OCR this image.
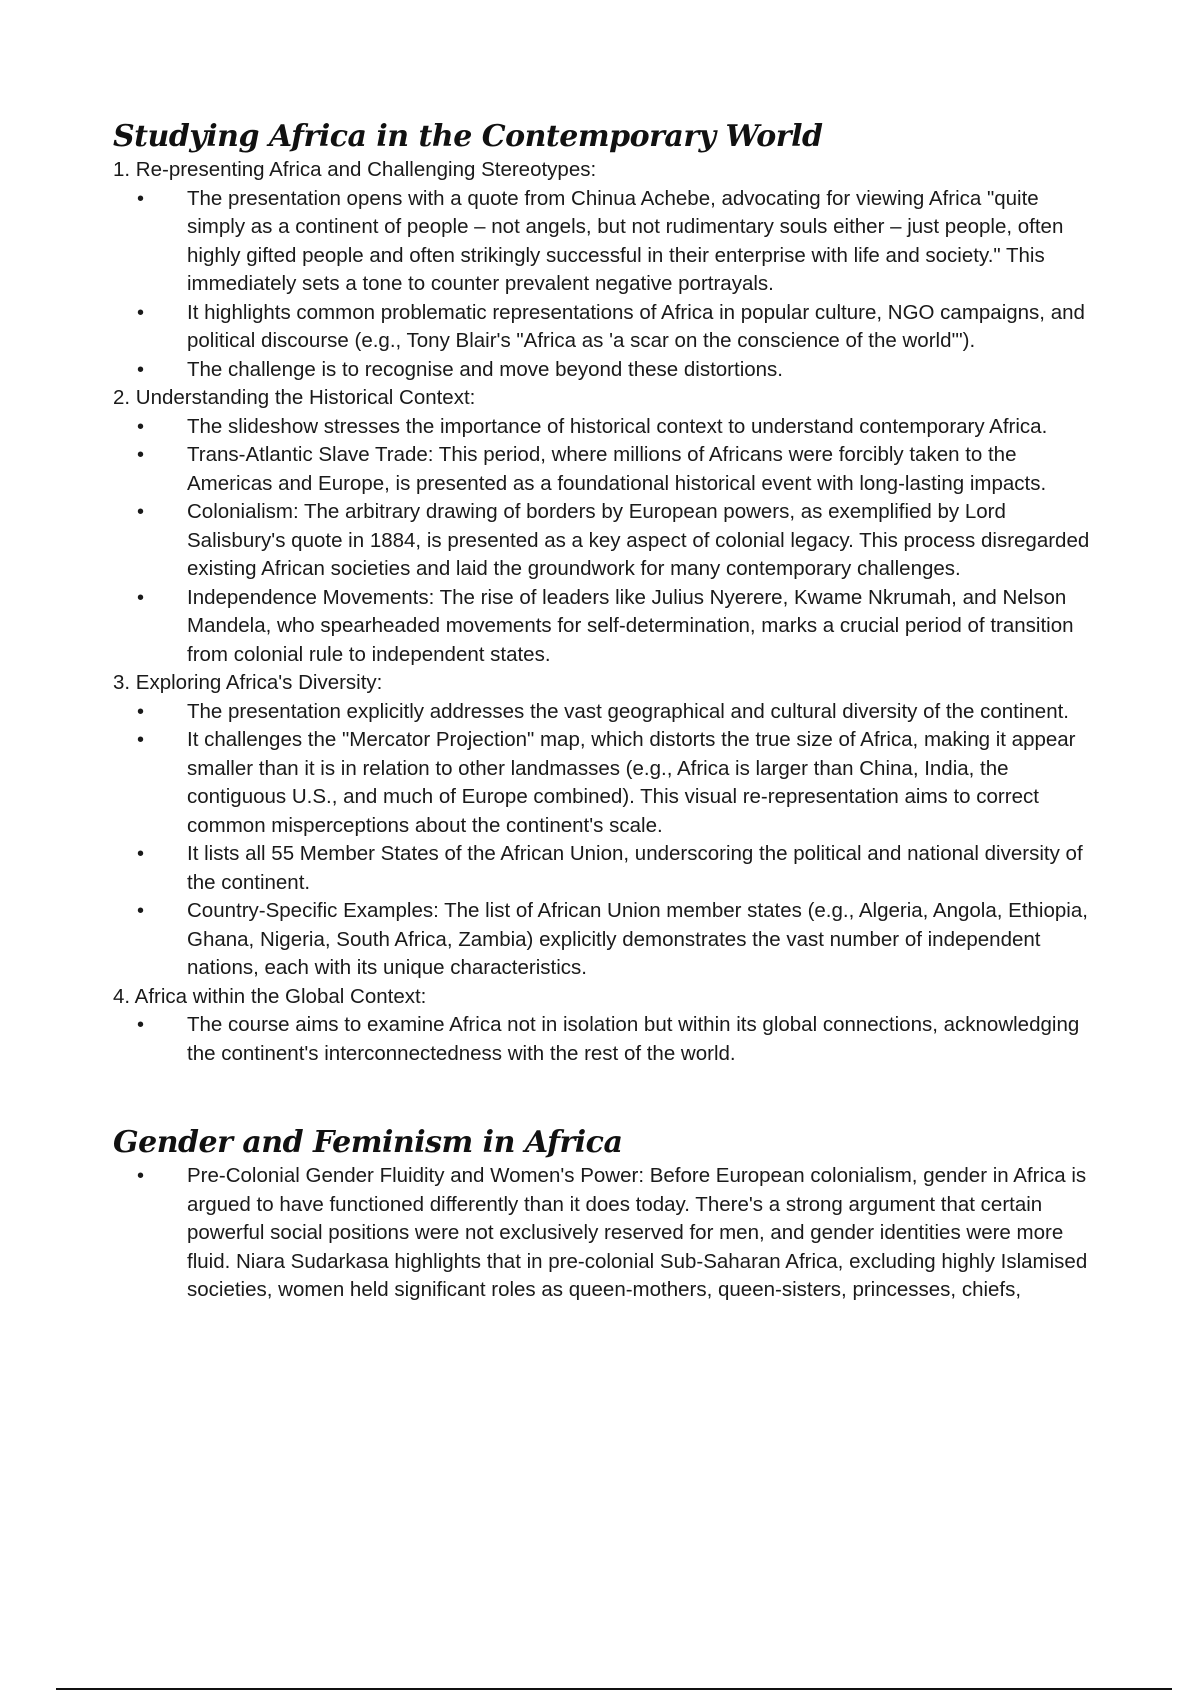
Studying Africa in the Contemporary World

1. Re-presenting Africa and Challenging Stereotypes:

• The presentation opens with a quote from Chinua Achebe, advocating for viewing Africa "quite simply as a continent of people – not angels, but not rudimentary souls either – just people, often highly gifted people and often strikingly successful in their enterprise with life and society." This immediately sets a tone to counter prevalent negative portrayals.
• It highlights common problematic representations of Africa in popular culture, NGO campaigns, and political discourse (e.g., Tony Blair's "Africa as 'a scar on the conscience of the world'").
• The challenge is to recognise and move beyond these distortions.

2. Understanding the Historical Context:

• The slideshow stresses the importance of historical context to understand contemporary Africa.
• Trans-Atlantic Slave Trade: This period, where millions of Africans were forcibly taken to the Americas and Europe, is presented as a foundational historical event with long-lasting impacts.
• Colonialism: The arbitrary drawing of borders by European powers, as exemplified by Lord Salisbury's quote in 1884, is presented as a key aspect of colonial legacy. This process disregarded existing African societies and laid the groundwork for many contemporary challenges.
• Independence Movements: The rise of leaders like Julius Nyerere, Kwame Nkrumah, and Nelson Mandela, who spearheaded movements for self-determination, marks a crucial period of transition from colonial rule to independent states.

3. Exploring Africa's Diversity:

• The presentation explicitly addresses the vast geographical and cultural diversity of the continent.
• It challenges the "Mercator Projection" map, which distorts the true size of Africa, making it appear smaller than it is in relation to other landmasses (e.g., Africa is larger than China, India, the contiguous U.S., and much of Europe combined). This visual re-representation aims to correct common misperceptions about the continent's scale.
• It lists all 55 Member States of the African Union, underscoring the political and national diversity of the continent.
• Country-Specific Examples: The list of African Union member states (e.g., Algeria, Angola, Ethiopia, Ghana, Nigeria, South Africa, Zambia) explicitly demonstrates the vast number of independent nations, each with its unique characteristics.

4. Africa within the Global Context:

• The course aims to examine Africa not in isolation but within its global connections, acknowledging the continent's interconnectedness with the rest of the world.
Gender and Feminism in Africa
• Pre-Colonial Gender Fluidity and Women's Power: Before European colonialism, gender in Africa is argued to have functioned differently than it does today. There's a strong argument that certain powerful social positions were not exclusively reserved for men, and gender identities were more fluid. Niara Sudarkasa highlights that in pre-colonial Sub-Saharan Africa, excluding highly Islamised societies, women held significant roles as queen-mothers, queen-sisters, princesses, chiefs,
